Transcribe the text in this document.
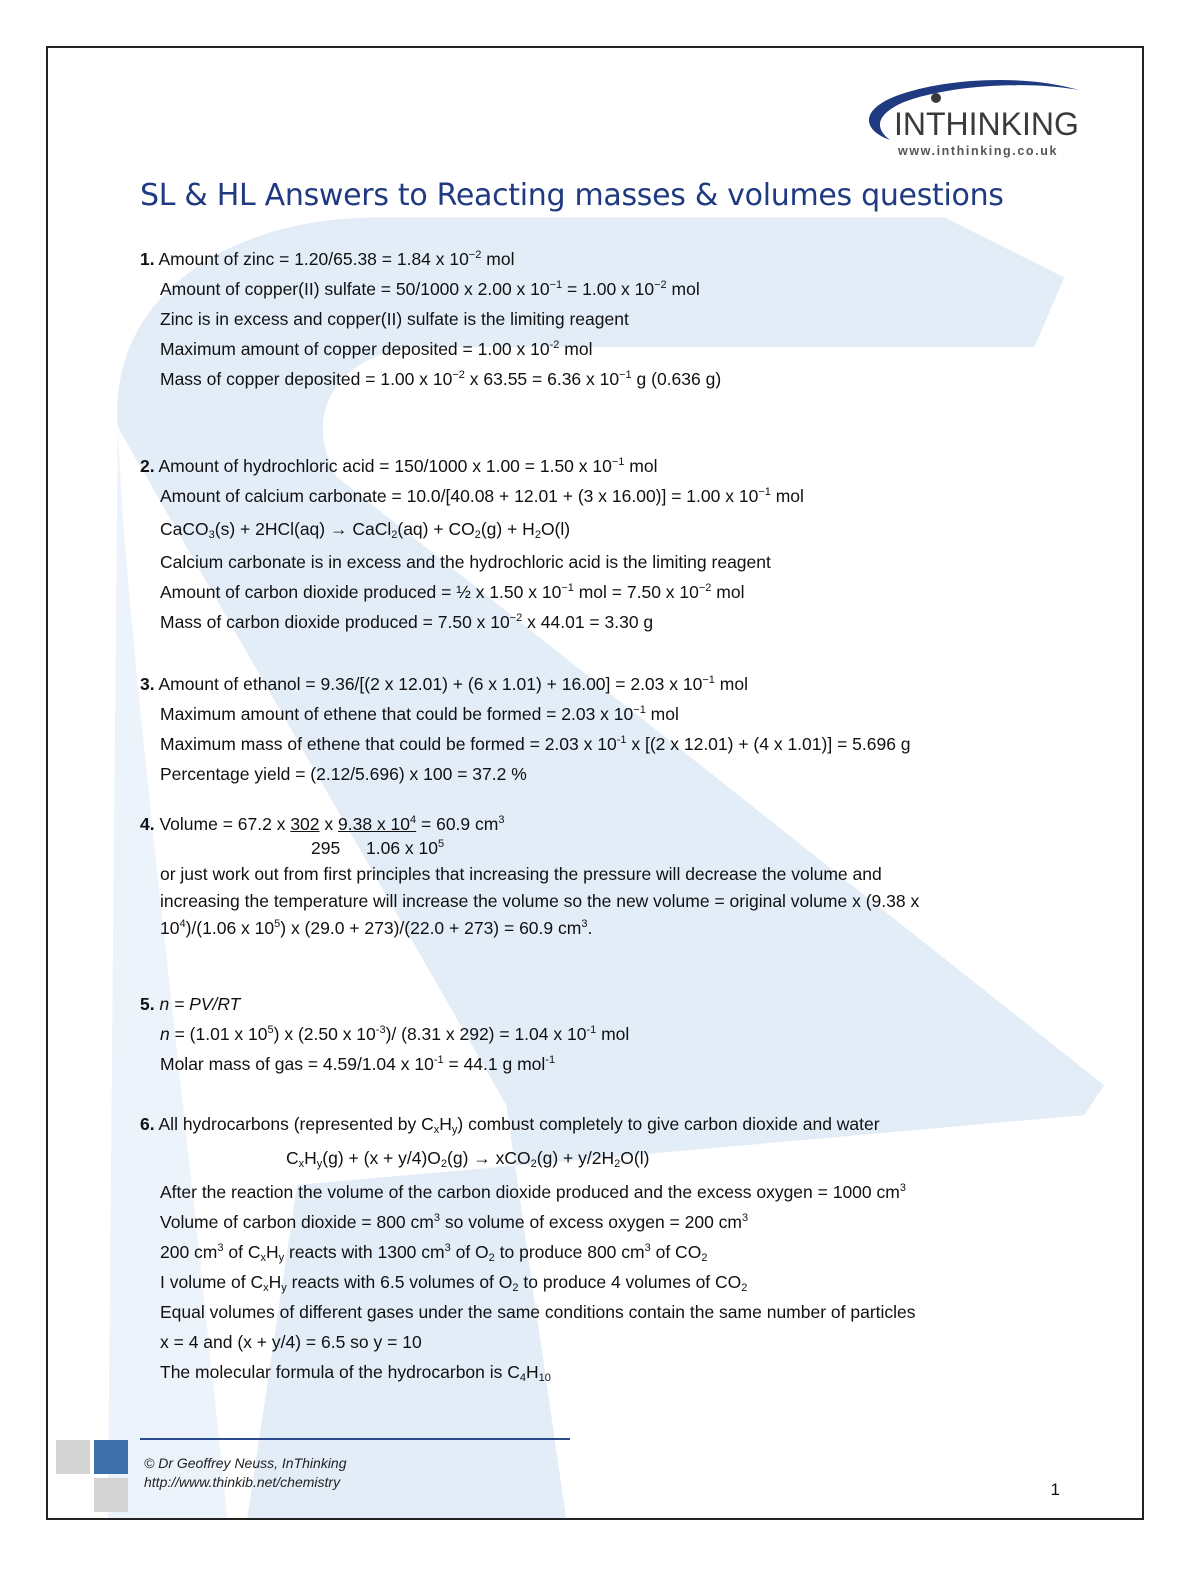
INTHINKING
www.inthinking.co.uk
SL & HL Answers to Reacting masses & volumes questions
1. Amount of zinc = 1.20/65.38 = 1.84 x $10^{-2}$ mol
Amount of copper(II) sulfate = 50/1000 x 2.00 x $10^{-1} = 1.00$ x $10^{-2}$ mol
Zinc is in excess and copper(II) sulfate is the limiting reagent
Maximum amount of copper deposited = 1.00 x $10^{-2}$ mol
Mass of copper deposited = 1.00 x $10^{-2}$ x 63.55 = 6.36 x $10^{-1}$ g (0.636 g)
2. Amount of hydrochloric acid = 150/1000 x 1.00 = 1.50 x $10^{-1}$ mol
Amount of calcium carbonate = 10.0/[40.08 + 12.01 + (3 x 16.00)] = 1.00 x $10^{-1}$ mol
CaCO$_3$(s) + 2HCl(aq) → CaCl$_2$(aq) + $CO_2(g) + H_2O(l)$
Calcium carbonate is in excess and the hydrochloric acid is the limiting reagent
Amount of carbon dioxide produced = ½ x 1.50 x $10^{-1}$ mol = 7.50 x $10^{-2}$ mol
Mass of carbon dioxide produced = 7.50 x $10^{-2}$ x 44.01 = 3.30 g
3. Amount of ethanol = 9.36/[(2 x 12.01) + (6 x 1.01) + 16.00] = 2.03 x $10^{-1}$ mol
Maximum amount of ethene that could be formed = 2.03 x $10^{-1}$ mol
Maximum mass of ethene that could be formed = 2.03 x $10^{-1}$ x [(2 x 12.01) + (4 x 1.01)] = 5.696 g
Percentage yield = (2.12/5.696) x 100 = 37.2 %
4. Volume = 67.2 x 302 x 9.38 x $10^4 = 60.9$ $cm^3$
295 1.06 x $10^5$
or just work out from first principles that increasing the pressure will decrease the volume and
increasing the temperature will increase the volume so the new volume = original volume x (9.38 x
$10^4)/(1.06$ x $10^5$) x (29.0 + 273)/(22.0 + 273) = 60.9 $cm^3$.
5. n = PV/RT
n = (1.01 x $10^5$) x (2.50 x $10^{-3})/$ (8.31 x 292) = 1.04 x $10^{-1}$ mol
Molar mass of gas = 4.59/1.04 x $10^{-1} = 44.1$ g mol$^{-1}$
6. All hydrocarbons (represented by $C_xH_y$) combust completely to give carbon dioxide and water
$C_xH_y(g) + (x + y/4)O_2(g) \to xCO_2(g) + y/2H_2O(l)$
After the reaction the volume of the carbon dioxide produced and the excess oxygen = 1000 $cm^3$
Volume of carbon dioxide = 800 $cm^3$ so volume of excess oxygen = 200 $cm^3$
200 $cm^3$ of $C_xH_y$ reacts with 1300 $cm^3$ of $O_2$ to produce 800 $cm^3$ of $CO_2$
I volume of $C_xH_y$ reacts with 6.5 volumes of $O_2$ to produce 4 volumes of $CO_2$
Equal volumes of different gases under the same conditions contain the same number of particles
x = 4 and (x + y/4) = 6.5 so y = 10
The molecular formula of the hydrocarbon is $C_4H_{10}$
© Dr Geoffrey Neuss, InThinking
http://www.thinkib.net/chemistry	1
